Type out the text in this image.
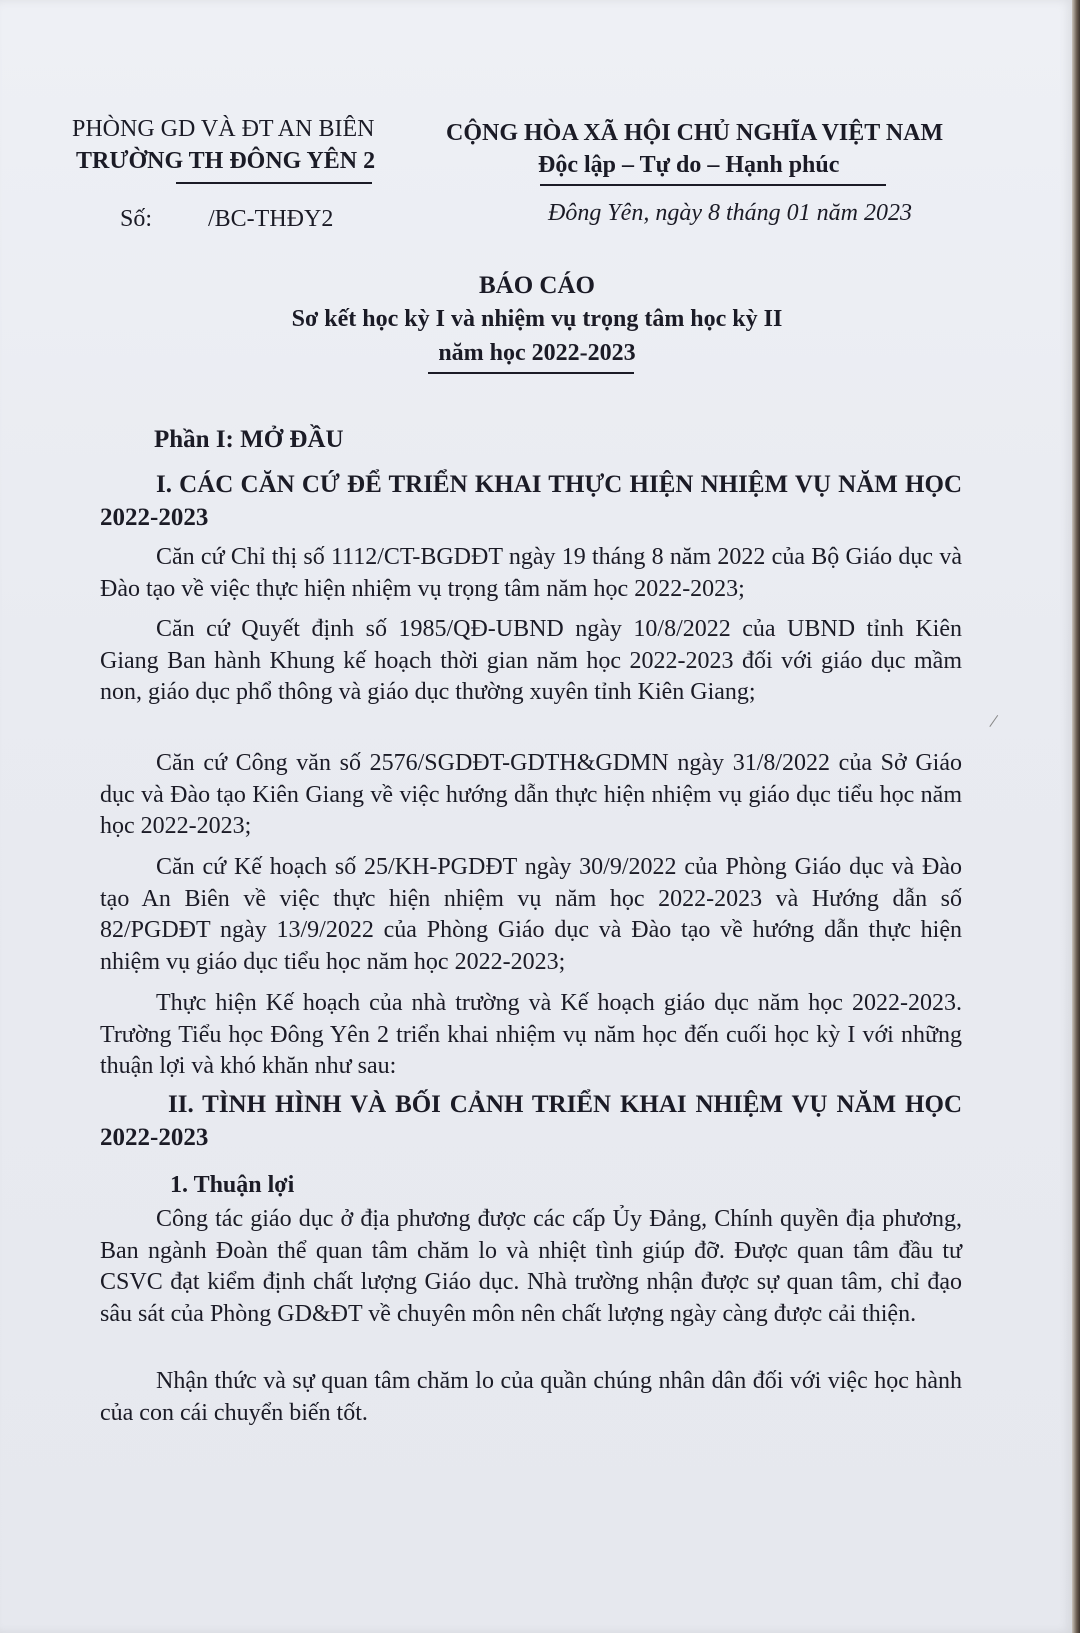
PHÒNG GD VÀ ĐT AN BIÊN
TRƯỜNG TH ĐÔNG YÊN 2
Số: /BC-THĐY2
CỘNG HÒA XÃ HỘI CHỦ NGHĨA VIỆT NAM
Độc lập – Tự do – Hạnh phúc
Đông Yên, ngày 8 tháng 01 năm 2023
BÁO CÁO
Sơ kết học kỳ I và nhiệm vụ trọng tâm học kỳ II
năm học 2022-2023
Phần I: MỞ ĐẦU
I. CÁC CĂN CỨ ĐỂ TRIỂN KHAI THỰC HIỆN NHIỆM VỤ NĂM HỌC 2022-2023
Căn cứ Chỉ thị số 1112/CT-BGDĐT ngày 19 tháng 8 năm 2022 của Bộ Giáo dục và Đào tạo về việc thực hiện nhiệm vụ trọng tâm năm học 2022-2023;
Căn cứ Quyết định số 1985/QĐ-UBND ngày 10/8/2022 của UBND tỉnh Kiên Giang Ban hành Khung kế hoạch thời gian năm học 2022-2023 đối với giáo dục mầm non, giáo dục phổ thông và giáo dục thường xuyên tỉnh Kiên Giang;
Căn cứ Công văn số 2576/SGDĐT-GDTH&GDMN ngày 31/8/2022 của Sở Giáo dục và Đào tạo Kiên Giang về việc hướng dẫn thực hiện nhiệm vụ giáo dục tiểu học năm học 2022-2023;
Căn cứ Kế hoạch số 25/KH-PGDĐT ngày 30/9/2022 của Phòng Giáo dục và Đào tạo An Biên về việc thực hiện nhiệm vụ năm học 2022-2023 và Hướng dẫn số 82/PGDĐT ngày 13/9/2022 của Phòng Giáo dục và Đào tạo về hướng dẫn thực hiện nhiệm vụ giáo dục tiểu học năm học 2022-2023;
Thực hiện Kế hoạch của nhà trường và Kế hoạch giáo dục năm học 2022-2023. Trường Tiểu học Đông Yên 2 triển khai nhiệm vụ năm học đến cuối học kỳ I với những thuận lợi và khó khăn như sau:
II. TÌNH HÌNH VÀ BỐI CẢNH TRIỂN KHAI NHIỆM VỤ NĂM HỌC 2022-2023
1. Thuận lợi
Công tác giáo dục ở địa phương được các cấp Ủy Đảng, Chính quyền địa phương, Ban ngành Đoàn thể quan tâm chăm lo và nhiệt tình giúp đỡ. Được quan tâm đầu tư CSVC đạt kiểm định chất lượng Giáo dục. Nhà trường nhận được sự quan tâm, chỉ đạo sâu sát của Phòng GD&ĐT về chuyên môn nên chất lượng ngày càng được cải thiện.
Nhận thức và sự quan tâm chăm lo của quần chúng nhân dân đối với việc học hành của con cái chuyển biến tốt.
